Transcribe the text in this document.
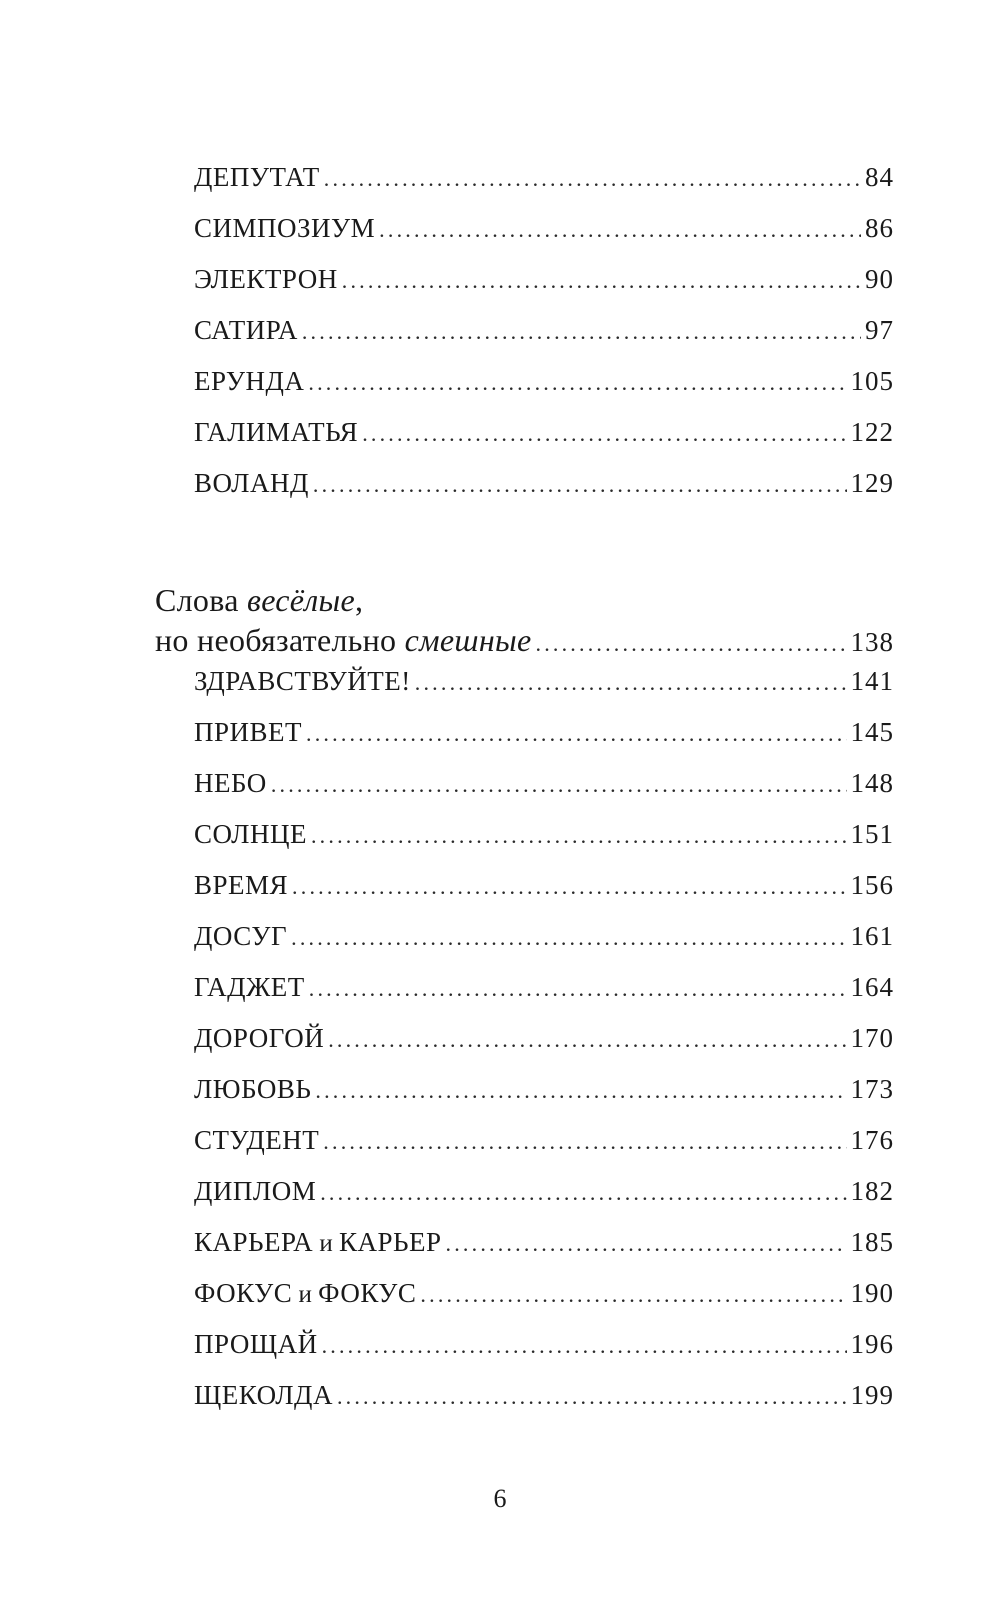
ДЕПУТАТ .....	84
СИМПОЗИУМ .....	86
ЭЛЕКТРОН .....	90
САТИРА .....	97
ЕРУНДА .....	105
ГАЛИМАТЬЯ .....	122
ВОЛАНД .....	129
Слова весёлые,
но необязательно смешные .....	138
ЗДРАВСТВУЙТЕ! .....	141
ПРИВЕТ .....	145
НЕБО .....	148
СОЛНЦЕ .....	151
ВРЕМЯ .....	156
ДОСУГ .....	161
ГАДЖЕТ .....	164
ДОРОГОЙ .....	170
ЛЮБОВЬ .....	173
СТУДЕНТ .....	176
ДИПЛОМ .....	182
КАРЬЕРА и КАРЬЕР .....	185
ФОКУС и ФОКУС .....	190
ПРОЩАЙ .....	196
ЩЕКОЛДА .....	199
6
